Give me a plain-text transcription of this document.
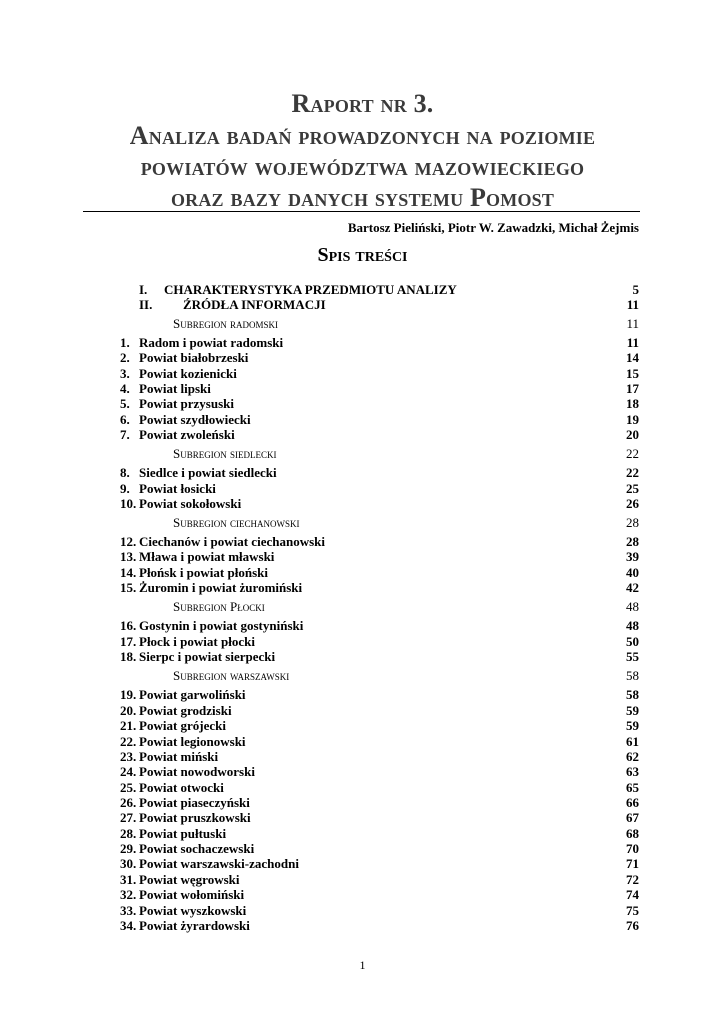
Raport nr 3.
Analiza badań prowadzonych na poziomie
powiatów województwa mazowieckiego
oraz bazy danych systemu Pomost
Bartosz Pieliński, Piotr W. Zawadzki, Michał Żejmis
Spis treści
I. CHARAKTERYSTYKA PRZEDMIOTU ANALIZY	5
II. ŹRÓDŁA INFORMACJI	11
Subregion radomski	11
1. Radom i powiat radomski	11
2. Powiat białobrzeski	14
3. Powiat kozienicki	15
4. Powiat lipski	17
5. Powiat przysuski	18
6. Powiat szydłowiecki	19
7. Powiat zwoleński	20
Subregion siedlecki	22
8. Siedlce i powiat siedlecki	22
9. Powiat łosicki	25
10. Powiat sokołowski	26
Subregion ciechanowski	28
12. Ciechanów i powiat ciechanowski	28
13. Mława i powiat mławski	39
14. Płońsk i powiat płoński	40
15. Żuromin i powiat żuromiński	42
Subregion Płocki	48
16. Gostynin i powiat gostyniński	48
17. Płock i powiat płocki	50
18. Sierpc i powiat sierpecki	55
Subregion warszawski	58
19. Powiat garwoliński	58
20. Powiat grodziski	59
21. Powiat grójecki	59
22. Powiat legionowski	61
23. Powiat miński	62
24. Powiat nowodworski	63
25. Powiat otwocki	65
26. Powiat piaseczyński	66
27. Powiat pruszkowski	67
28. Powiat pułtuski	68
29. Powiat sochaczewski	70
30. Powiat warszawski-zachodni	71
31. Powiat węgrowski	72
32. Powiat wołomiński	74
33. Powiat wyszkowski	75
34. Powiat żyrardowski	76
1
